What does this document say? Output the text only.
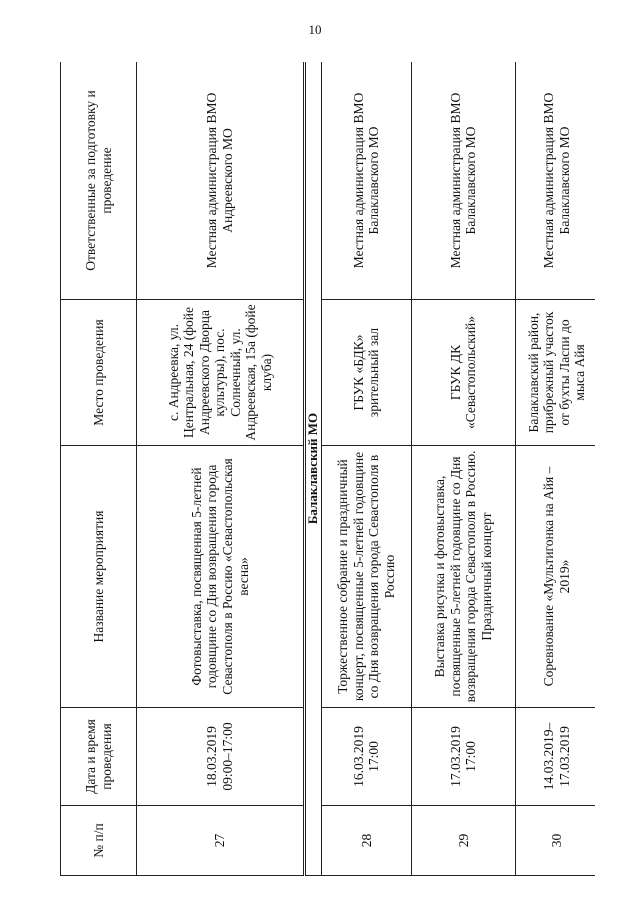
10
№ п/п	Дата и время проведения	Название мероприятия	Место проведения	Ответственные за подготовку и проведение
27	18.03.2019 09:00–17:00	Фотовыставка, посвященная 5-летней годовщине со Дня возвращения города Севастополя в Россию «Севастопольская весна»	с. Андреевка, ул. Центральная, 24 (фойе Андреевского Дворца культуры), пос. Солнечный, ул. Андреевская, 15а (фойе клуба)	Местная администрация ВМО Андреевского МО
Балаклавский МО				
28	16.03.2019 17:00	Торжественное собрание и праздничный концерт, посвященные 5-летней годовщине со Дня возвращения города Севастополя в Россию	ГБУК «БДК» зрительный зал	Местная администрация ВМО Балаклавского МО
29	17.03.2019 17:00	Выставка рисунка и фотовыставка, посвященные 5-летней годовщине со Дня возвращения города Севастополя в Россию. Праздничный концерт	ГБУК ДК «Севастопольский»	Местная администрация ВМО Балаклавского МО
30	14.03.2019– 17.03.2019	Соревнование «Мультигонка на Айя – 2019»	Балаклавский район, прибрежный участок от бухты Ласпи до мыса Айя	Местная администрация ВМО Балаклавского МО
